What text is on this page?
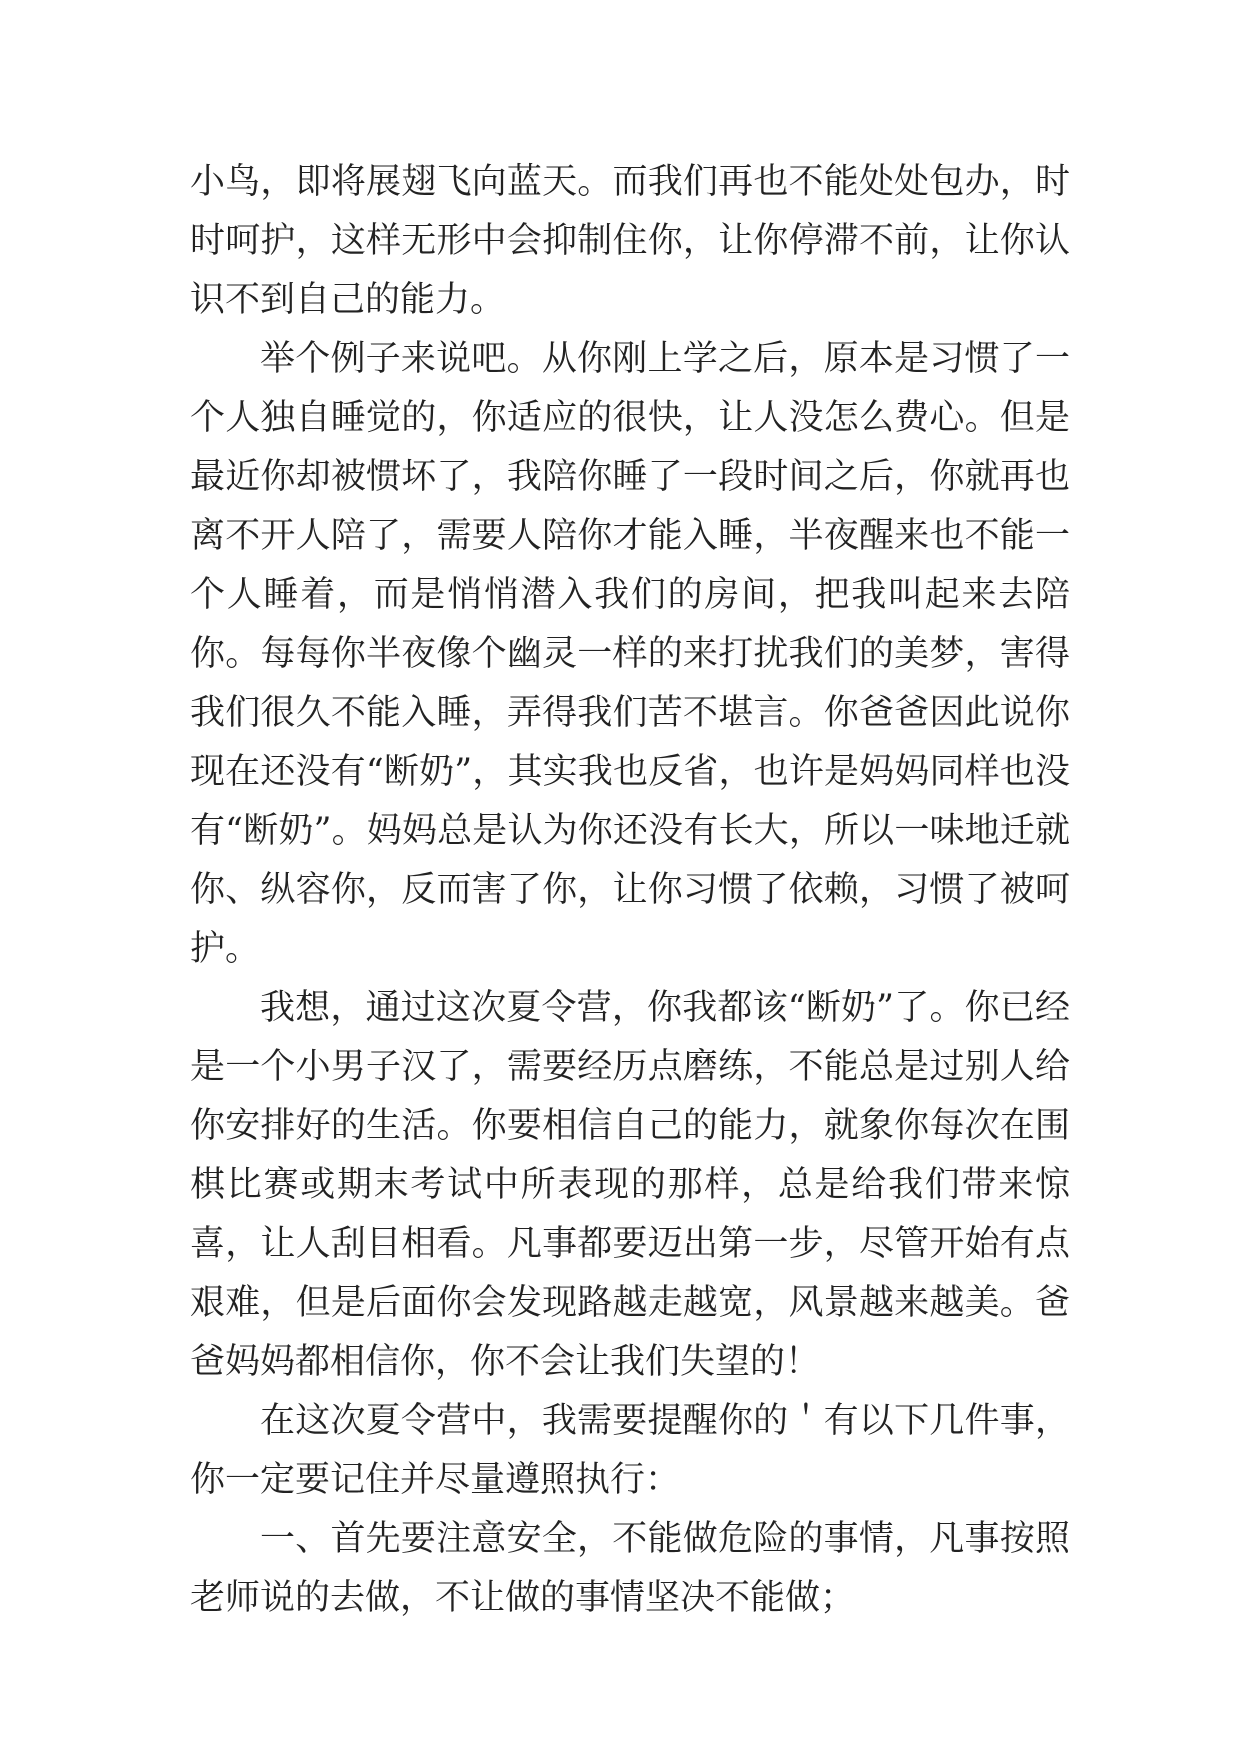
小鸟，即将展翅飞向蓝天。而我们再也不能处处包办，时时呵护，这样无形中会抑制住你，让你停滞不前，让你认识不到自己的能力。

举个例子来说吧。从你刚上学之后，原本是习惯了一个人独自睡觉的，你适应的很快，让人没怎么费心。但是最近你却被惯坏了，我陪你睡了一段时间之后，你就再也离不开人陪了，需要人陪你才能入睡，半夜醒来也不能一个人睡着，而是悄悄潜入我们的房间，把我叫起来去陪你。每每你半夜像个幽灵一样的来打扰我们的美梦，害得我们很久不能入睡，弄得我们苦不堪言。你爸爸因此说你现在还没有“断奶”，其实我也反省，也许是妈妈同样也没有“断奶”。妈妈总是认为你还没有长大，所以一味地迁就你、纵容你，反而害了你，让你习惯了依赖，习惯了被呵护。

我想，通过这次夏令营，你我都该“断奶”了。你已经是一个小男子汉了，需要经历点磨练，不能总是过别人给你安排好的生活。你要相信自己的能力，就象你每次在围棋比赛或期末考试中所表现的那样，总是给我们带来惊喜，让人刮目相看。凡事都要迈出第一步，尽管开始有点艰难，但是后面你会发现路越走越宽，风景越来越美。爸爸妈妈都相信你，你不会让我们失望的！

在这次夏令营中，我需要提醒你的＇有以下几件事，你一定要记住并尽量遵照执行：

一、首先要注意安全，不能做危险的事情，凡事按照老师说的去做，不让做的事情坚决不能做；
